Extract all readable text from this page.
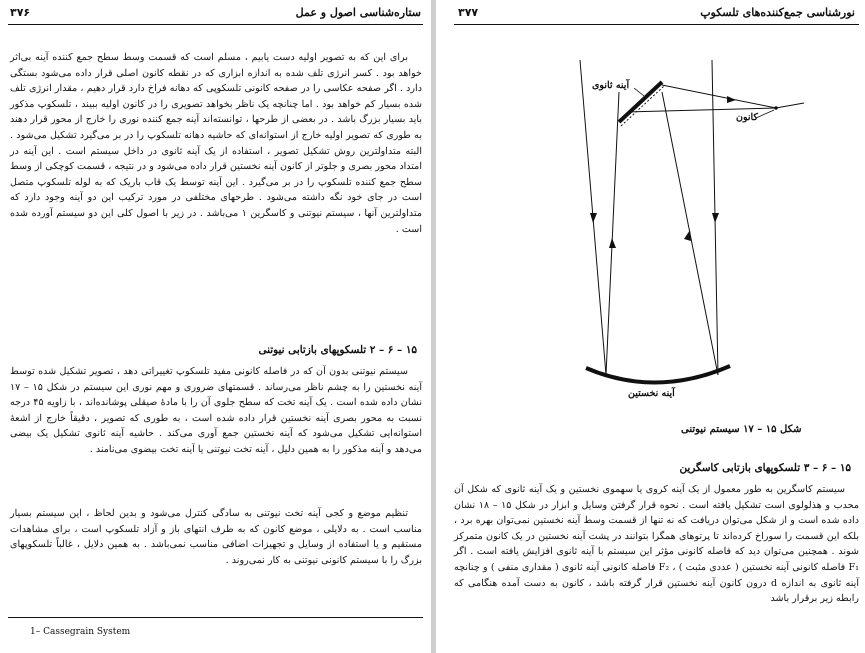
۳۷۶	ستاره‌شناسی اصول و عمل

برای این که به تصویر اولیه دست یابیم ، مسلم است که قسمت وسط سطح جمع کننده آینه بی‌اثر خواهد بود . کسر انرژی تلف شده به اندازه ابزاری که در نقطه کانون اصلی قرار داده می‌شود بستگی دارد . اگر صفحه عکاسی را در صفحه کانونی تلسکوپی که دهانه فراخ دارد قرار دهیم ، مقدار انرژی تلف شده بسیار کم خواهد بود . اما چنانچه یک ناظر بخواهد تصویری را در کانون اولیه ببیند ، تلسکوپ مذکور باید بسیار بزرگ باشد . در بعضی از طرحها ، توانسته‌اند آینه جمع کننده نوری را خارج از محور قرار دهند به طوری که تصویر اولیه خارج از استوانه‌ای که حاشیه دهانه تلسکوپ را در بر می‌گیرد تشکیل می‌شود . البته متداولترین روش تشکیل تصویر ، استفاده از یک آینه ثانوی در داخل سیستم است . این آینه در امتداد محور بصری و جلوتر از کانون آینه نخستین قرار داده می‌شود و در نتیجه ، قسمت کوچکی از وسط سطح جمع کننده تلسکوپ را در بر می‌گیرد . این آینه توسط یک قاب باریک که به لوله تلسکوپ متصل است در جای خود نگه داشته می‌شود . طرحهای مختلفی در مورد ترکیب این دو آینه وجود دارد که متداولترین آنها ، سیستم نیوتنی و کاسگرین ۱ می‌باشد . در زیر با اصول کلی این دو سیستم آورده شده است .

۱۵ – ۶ – ۲ تلسکوپهای بازتابی نیوتنی

سیستم نیوتنی بدون آن که در فاصله کانونی مفید تلسکوپ تغییراتی دهد ، تصویر تشکیل شده توسط آینه نخستین را به چشم ناظر می‌رساند . قسمتهای ضروری و مهم نوری این سیستم در شکل ۱۵ – ۱۷ نشان داده شده است . یک آینه تخت که سطح جلوی آن را با مادهٔ صیقلی پوشانده‌اند ، با زاویه ۴۵ درجه نسبت به محور بصری آینه نخستین قرار داده شده است ، به طوری که تصویر ، دقیقاً خارج از اشعهٔ استوانه‌ایی تشکیل می‌شود که آینه نخستین جمع آوری می‌کند . حاشیه آینه ثانوی تشکیل یک بیضی می‌دهد و آینه مذکور را به همین دلیل ، آینه تخت نیوتنی یا آینه تخت بیضوی می‌نامند .

تنظیم موضع و کجی آینه تخت نیوتنی به سادگی کنترل می‌شود و بدین لحاظ ، این سیستم بسیار مناسب است . به دلایلی ، موضع کانون که به طرف انتهای باز و آزاد تلسکوپ است ، برای مشاهدات مستقیم و یا استفاده از وسایل و تجهیزات اضافی مناسب نمی‌باشد . به همین دلایل ، غالباً تلسکوپهای بزرگ را با سیستم کانونی نیوتنی به کار نمی‌روند .

1– Cassegrain System
۳۷۷	نورشناسی جمع‌کننده‌های تلسکوپ
آینه ثانوی
کانون
آینه نخستین
شکل ۱۵ – ۱۷ سیستم نیوتنی
۱۵ – ۶ – ۳ تلسکوپهای بازتابی کاسگرین

سیستم کاسگرین به طور معمول از یک آینه کروی یا سهموی نخستین و یک آینه ثانوی که شکل آن محدب و هذلولوی است تشکیل یافته است . نحوه قرار گرفتن وسایل و ابزار در شکل ۱۵ – ۱۸ نشان داده شده است و از شکل می‌توان دریافت که نه تنها از قسمت وسط آینه نخستین نمی‌توان بهره برد ، بلکه این قسمت را سوراخ کرده‌اند تا پرتوهای همگرا بتوانند در پشت آینه نخستین در یک کانون متمرکز شوند . همچنین می‌توان دید که فاصله کانونی مؤثر این سیستم با آینه ثانوی افزایش یافته است . اگر F₁ فاصله کانونی آینه نخستین ( عددی مثبت ) ، F₂ فاصله کانونی آینه ثانوی ( مقداری منفی ) و چنانچه آینه ثانوی به اندازه d درون کانون آینه نخستین قرار گرفته باشد ، کانون به دست آمده هنگامی که رابطه زیر برقرار باشد
